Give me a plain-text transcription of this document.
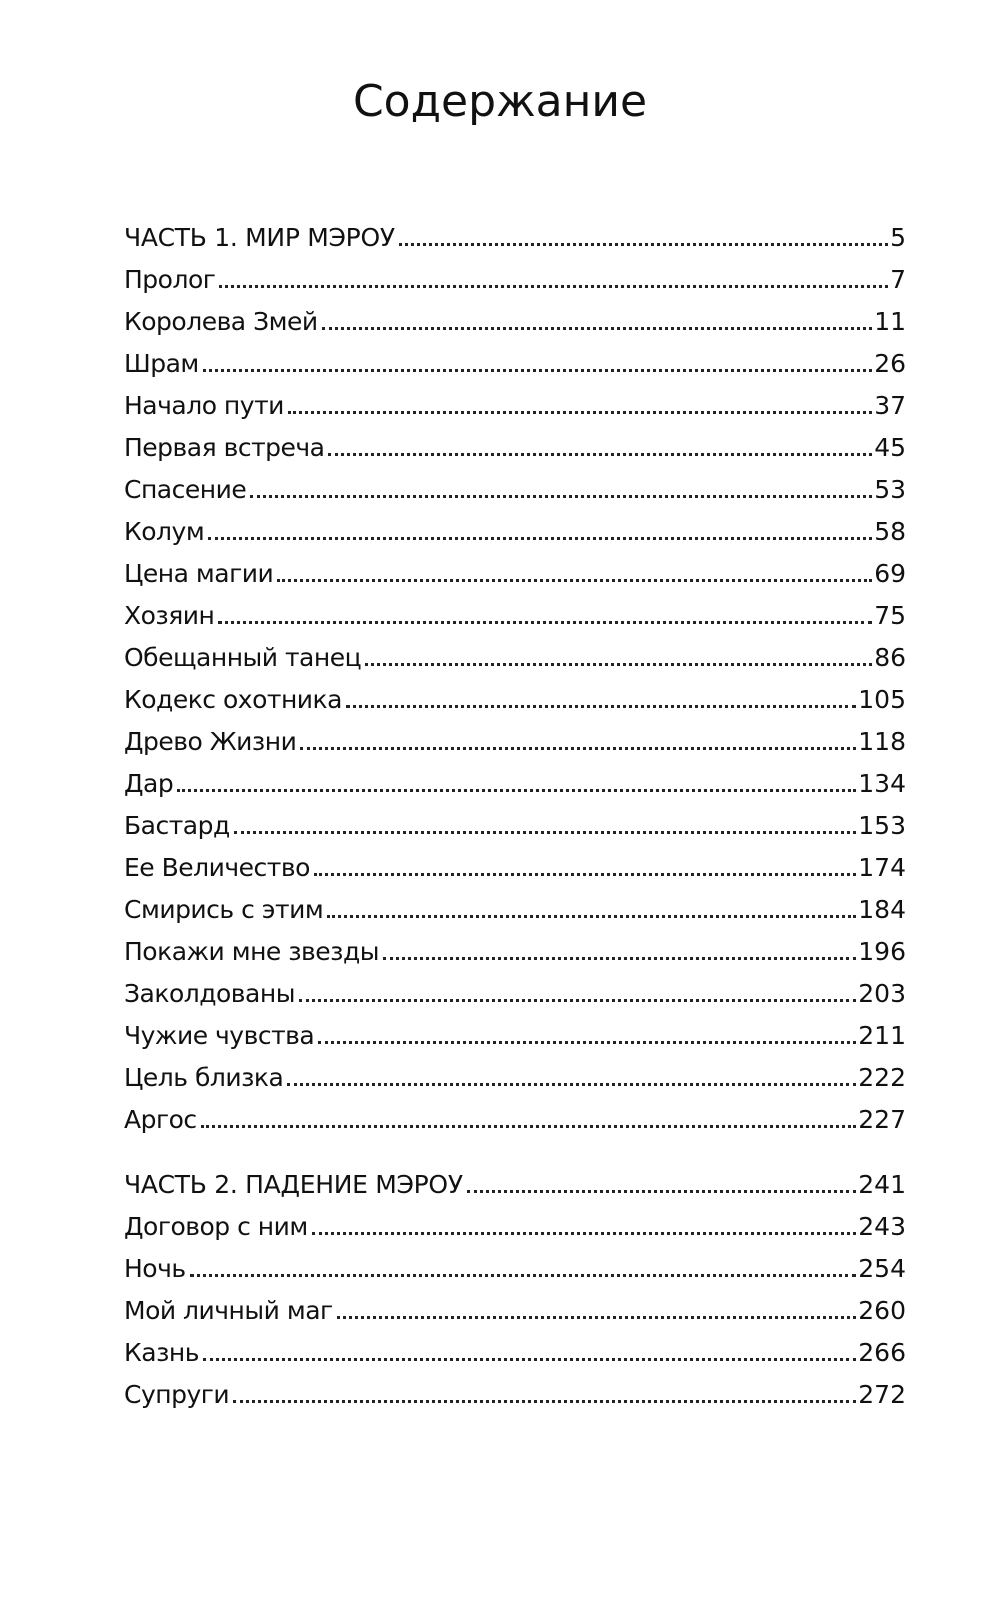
Содержание
ЧАСТЬ 1. МИР МЭРОУ	5
Пролог	7
Королева Змей	11
Шрам	26
Начало пути	37
Первая встреча	45
Спасение	53
Колум	58
Цена магии	69
Хозяин	75
Обещанный танец	86
Кодекс охотника	105
Древо Жизни	118
Дар	134
Бастард	153
Ее Величество	174
Смирись с этим	184
Покажи мне звезды	196
Заколдованы	203
Чужие чувства	211
Цель близка	222
Аргос	227
ЧАСТЬ 2. ПАДЕНИЕ МЭРОУ	241
Договор с ним	243
Ночь	254
Мой личный маг	260
Казнь	266
Супруги	272
